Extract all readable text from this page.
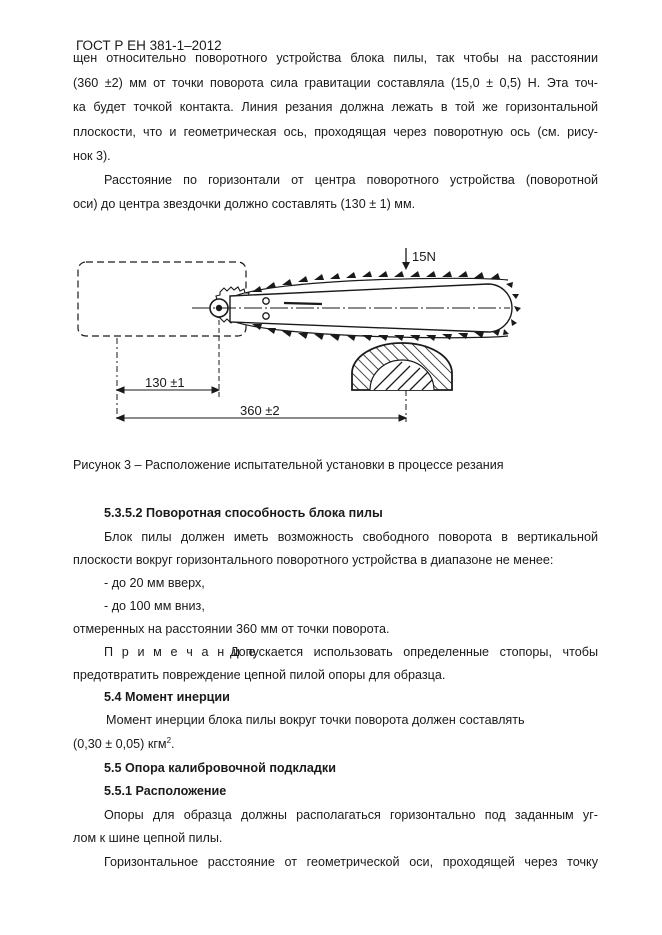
ГОСТ Р ЕН 381-1–2012
щен относительно поворотного устройства блока пилы, так чтобы на расстоянии
(360 ±2) мм от точки поворота сила гравитации составляла (15,0 ± 0,5) Н. Эта точ-
ка будет точкой контакта. Линия резания должна лежать в той же горизонтальной
плоскости, что и геометрическая ось, проходящая через поворотную ось (см. рису-
нок 3).
Расстояние по горизонтали от центра поворотного устройства (поворотной
оси) до центра звездочки должно составлять (130 ± 1) мм.
15N
130 ±1
360 ±2
Рисунок 3 – Расположение испытательной установки в процессе резания
5.3.5.2 Поворотная способность блока пилы
Блок пилы должен иметь возможность свободного поворота в вертикальной
плоскости вокруг горизонтального поворотного устройства в диапазоне не менее:
- до 20 мм вверх,
- до 100 мм вниз,
отмеренных на расстоянии 360 мм от точки поворота.
П р и м е ч а н и е
Допускается использовать определенные стопоры, чтобы
предотвратить повреждение цепной пилой опоры для образца.
5.4 Момент инерции
Момент инерции блока пилы вокруг точки поворота должен составлять
(0,30 ± 0,05) кгм$^2$.
5.5 Опора калибровочной подкладки
5.5.1 Расположение
Опоры для образца должны располагаться горизонтально под заданным уг-
лом к шине цепной пилы.
Горизонтальное расстояние от геометрической оси, проходящей через точку
